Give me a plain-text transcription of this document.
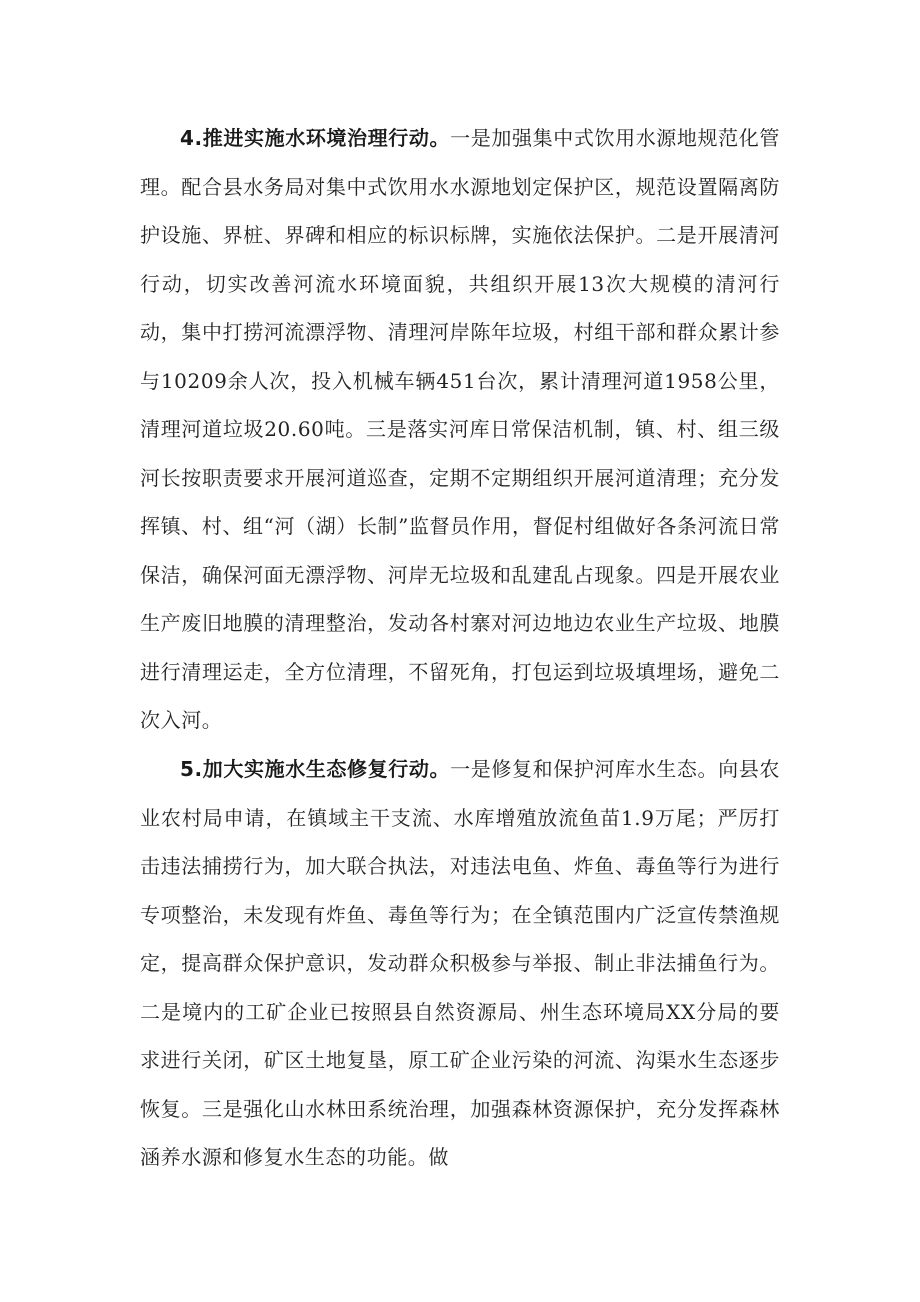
4.推进实施水环境治理行动。一是加强集中式饮用水源地规范化管理。配合县水务局对集中式饮用水水源地划定保护区，规范设置隔离防护设施、界桩、界碑和相应的标识标牌，实施依法保护。二是开展清河行动，切实改善河流水环境面貌，共组织开展13次大规模的清河行动，集中打捞河流漂浮物、清理河岸陈年垃圾，村组干部和群众累计参与10209余人次，投入机械车辆451台次，累计清理河道1958公里，清理河道垃圾20.60吨。三是落实河库日常保洁机制，镇、村、组三级河长按职责要求开展河道巡查，定期不定期组织开展河道清理；充分发挥镇、村、组“河（湖）长制”监督员作用，督促村组做好各条河流日常保洁，确保河面无漂浮物、河岸无垃圾和乱建乱占现象。四是开展农业生产废旧地膜的清理整治，发动各村寨对河边地边农业生产垃圾、地膜进行清理运走，全方位清理，不留死角，打包运到垃圾填埋场，避免二次入河。

5.加大实施水生态修复行动。一是修复和保护河库水生态。向县农业农村局申请，在镇域主干支流、水库增殖放流鱼苗1.9万尾；严厉打击违法捕捞行为，加大联合执法，对违法电鱼、炸鱼、毒鱼等行为进行专项整治，未发现有炸鱼、毒鱼等行为；在全镇范围内广泛宣传禁渔规定，提高群众保护意识，发动群众积极参与举报、制止非法捕鱼行为。二是境内的工矿企业已按照县自然资源局、州生态环境局XX分局的要求进行关闭，矿区土地复垦，原工矿企业污染的河流、沟渠水生态逐步恢复。三是强化山水林田系统治理，加强森林资源保护，充分发挥森林涵养水源和修复水生态的功能。做
